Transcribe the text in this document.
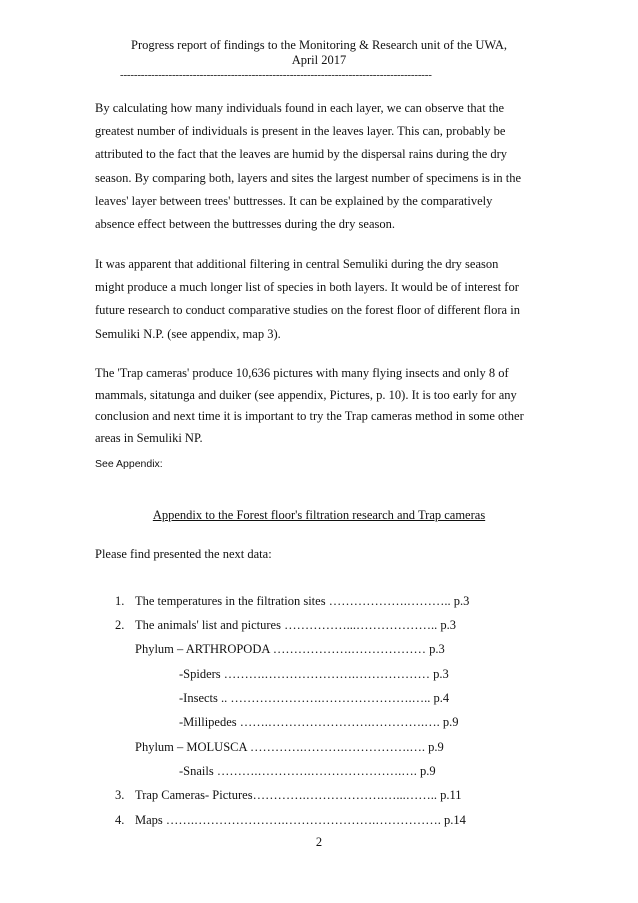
Progress report of findings to the Monitoring & Research unit of the UWA,
April 2017
------------------------------------------------------------------------------------------
By calculating how many individuals found in each layer, we can observe that the
greatest number of individuals is present in the leaves layer. This can, probably be
attributed to the fact that the leaves are humid by the dispersal rains during the dry
season. By comparing both, layers and sites the largest number of specimens is in the
leaves' layer between trees' buttresses. It can be explained by the comparatively
absence effect between the buttresses during the dry season.
It was apparent that additional filtering in central Semuliki during the dry season
might produce a much longer list of species in both layers. It would be of interest for
future research to conduct comparative studies on the forest floor of different flora in
Semuliki N.P. (see appendix, map 3).
The 'Trap cameras' produce 10,636 pictures with many flying insects and only 8 of
mammals, sitatunga and duiker (see appendix, Pictures, p. 10). It is too early for any
conclusion and next time it is important to try the Trap cameras method in some other
areas in Semuliki NP.
See Appendix:
Appendix to the Forest floor's filtration research and Trap cameras
Please find presented the next data:
1. The temperatures in the filtration sites ……………….……….. p.3
2. The animals' list and pictures ……………...……………….. p.3
Phylum – ARTHROPODA ……………….……………… p.3
-Spiders ……….………………….……………… p.3
-Insects .. ………………….………………….….. p.4
-Millipedes …….…………………….………….…. p.9
Phylum – MOLUSCA ………….……….…………….…. p.9
-Snails ……….………….………………….…. p.9
3. Trap Cameras- Pictures………….……………….…...…….. p.11
4. Maps …….………………….………………….……………. p.14
2
